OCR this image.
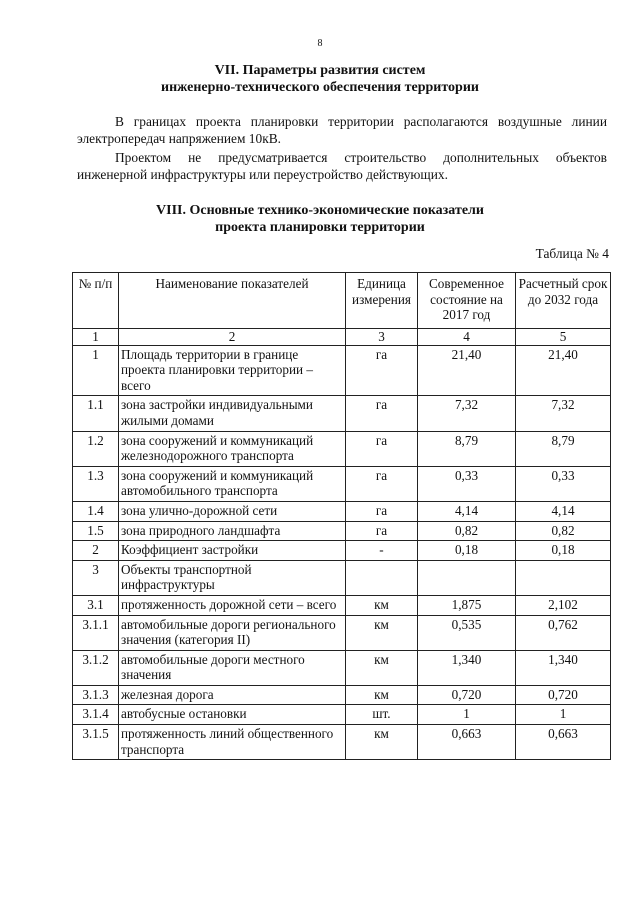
8
VII. Параметры развития систем
инженерно-технического обеспечения территории
В границах проекта планировки территории располагаются воздушные линии электропередач напряжением 10кВ.
Проектом не предусматривается строительство дополнительных объектов инженерной инфраструктуры или переустройство действующих.
VIII. Основные технико-экономические показатели
проекта планировки территории
Таблица № 4
№ п/п	Наименование показателей	Единица измерения	Современное состояние на 2017 год	Расчетный срок до 2032 года
1	2	3	4	5
1	Площадь территории в границе проекта планировки территории – всего	га	21,40	21,40
1.1	зона застройки индивидуальными жилыми домами	га	7,32	7,32
1.2	зона сооружений и коммуникаций железнодорожного транспорта	га	8,79	8,79
1.3	зона сооружений и коммуникаций автомобильного транспорта	га	0,33	0,33
1.4	зона улично-дорожной сети	га	4,14	4,14
1.5	зона природного ландшафта	га	0,82	0,82
2	Коэффициент застройки	-	0,18	0,18
3	Объекты транспортной инфраструктуры			
3.1	протяженность дорожной сети – всего	км	1,875	2,102
3.1.1	автомобильные дороги регионального значения (категория II)	км	0,535	0,762
3.1.2	автомобильные дороги местного значения	км	1,340	1,340
3.1.3	железная дорога	км	0,720	0,720
3.1.4	автобусные остановки	шт.	1	1
3.1.5	протяженность линий общественного транспорта	км	0,663	0,663
